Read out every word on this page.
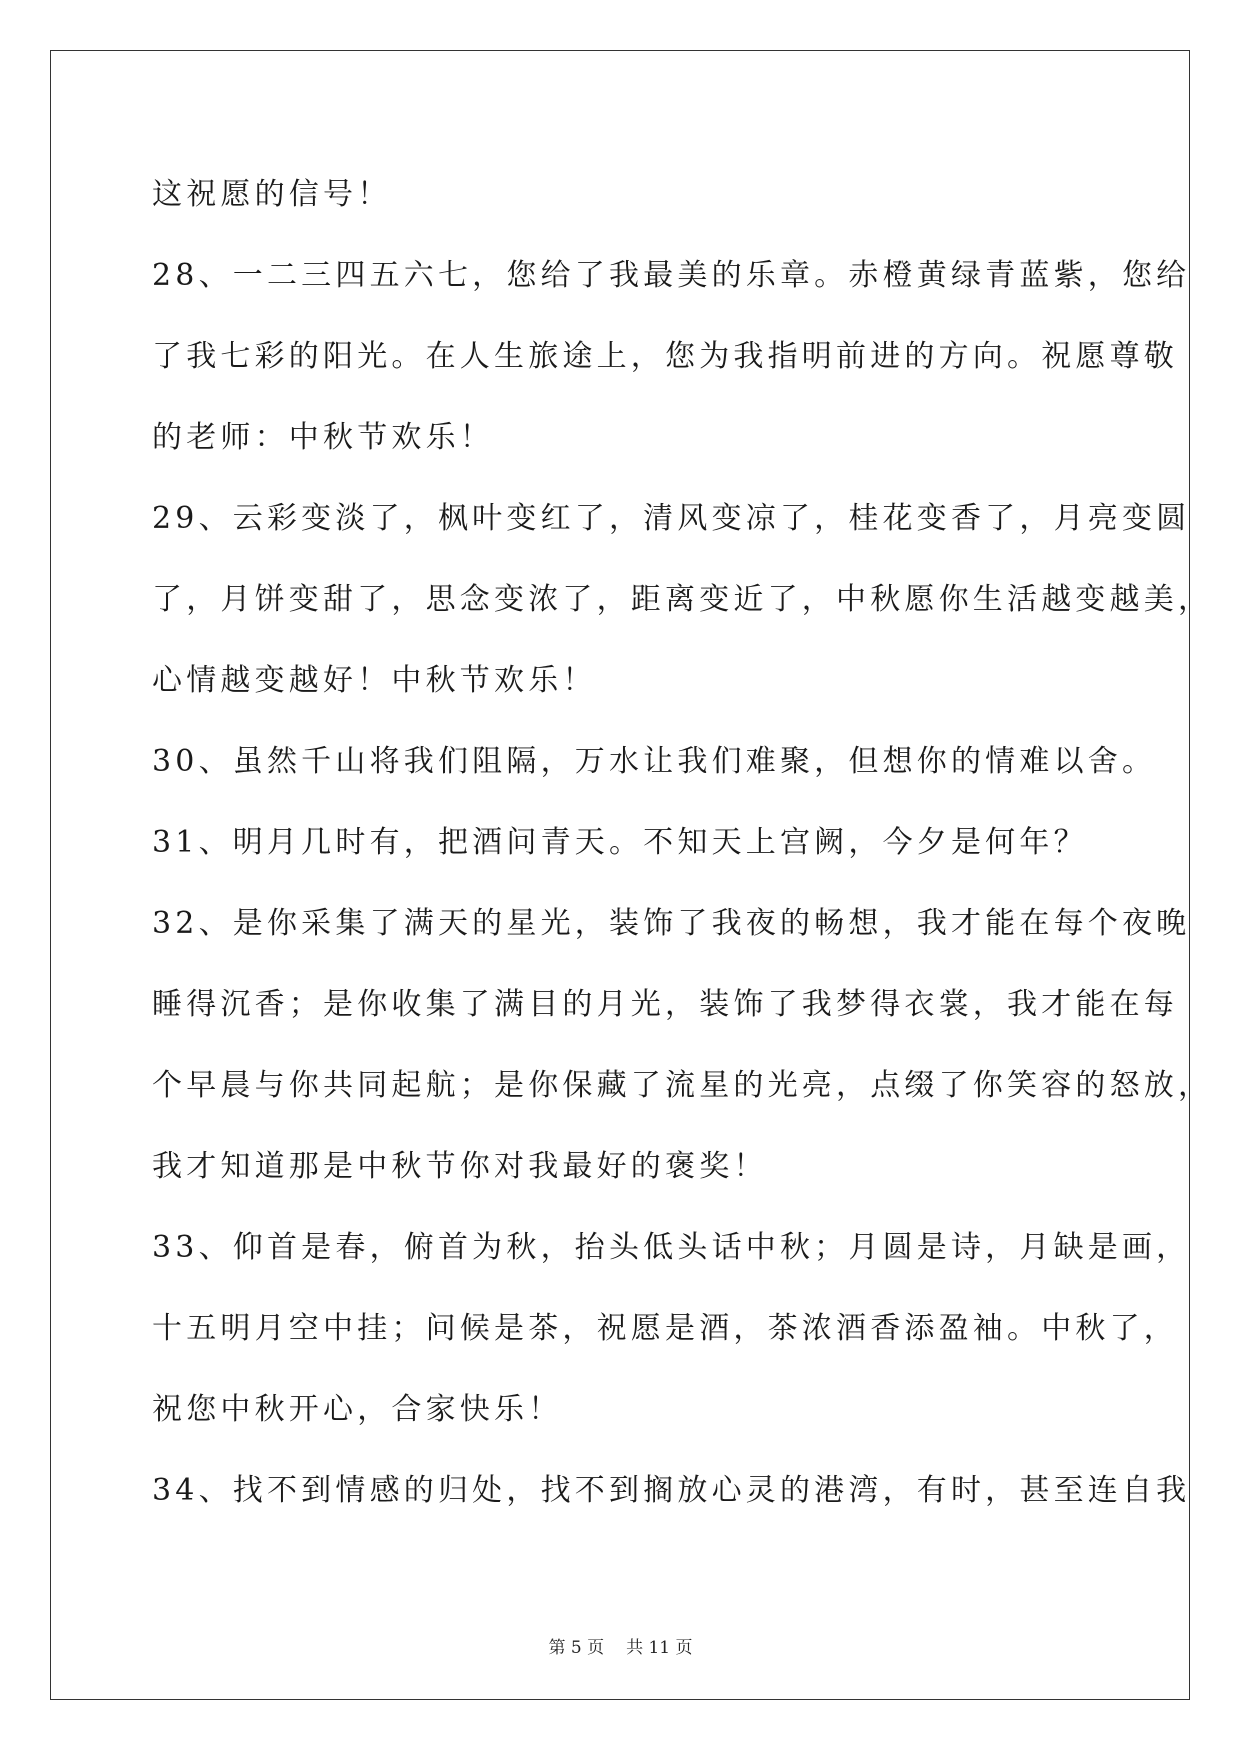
这祝愿的信号！
28、一二三四五六七，您给了我最美的乐章。赤橙黄绿青蓝紫，您给
了我七彩的阳光。在人生旅途上，您为我指明前进的方向。祝愿尊敬
的老师：中秋节欢乐！
29、云彩变淡了，枫叶变红了，清风变凉了，桂花变香了，月亮变圆
了，月饼变甜了，思念变浓了，距离变近了，中秋愿你生活越变越美，
心情越变越好！中秋节欢乐！
30、虽然千山将我们阻隔，万水让我们难聚，但想你的情难以舍。
31、明月几时有，把酒问青天。不知天上宫阙，今夕是何年？
32、是你采集了满天的星光，装饰了我夜的畅想，我才能在每个夜晚
睡得沉香；是你收集了满目的月光，装饰了我梦得衣裳，我才能在每
个早晨与你共同起航；是你保藏了流星的光亮，点缀了你笑容的怒放，
我才知道那是中秋节你对我最好的褒奖！
33、仰首是春，俯首为秋，抬头低头话中秋；月圆是诗，月缺是画，
十五明月空中挂；问候是茶，祝愿是酒，茶浓酒香添盈袖。中秋了，
祝您中秋开心，合家快乐！
34、找不到情感的归处，找不到搁放心灵的港湾，有时，甚至连自我
第 5 页 共 11 页
